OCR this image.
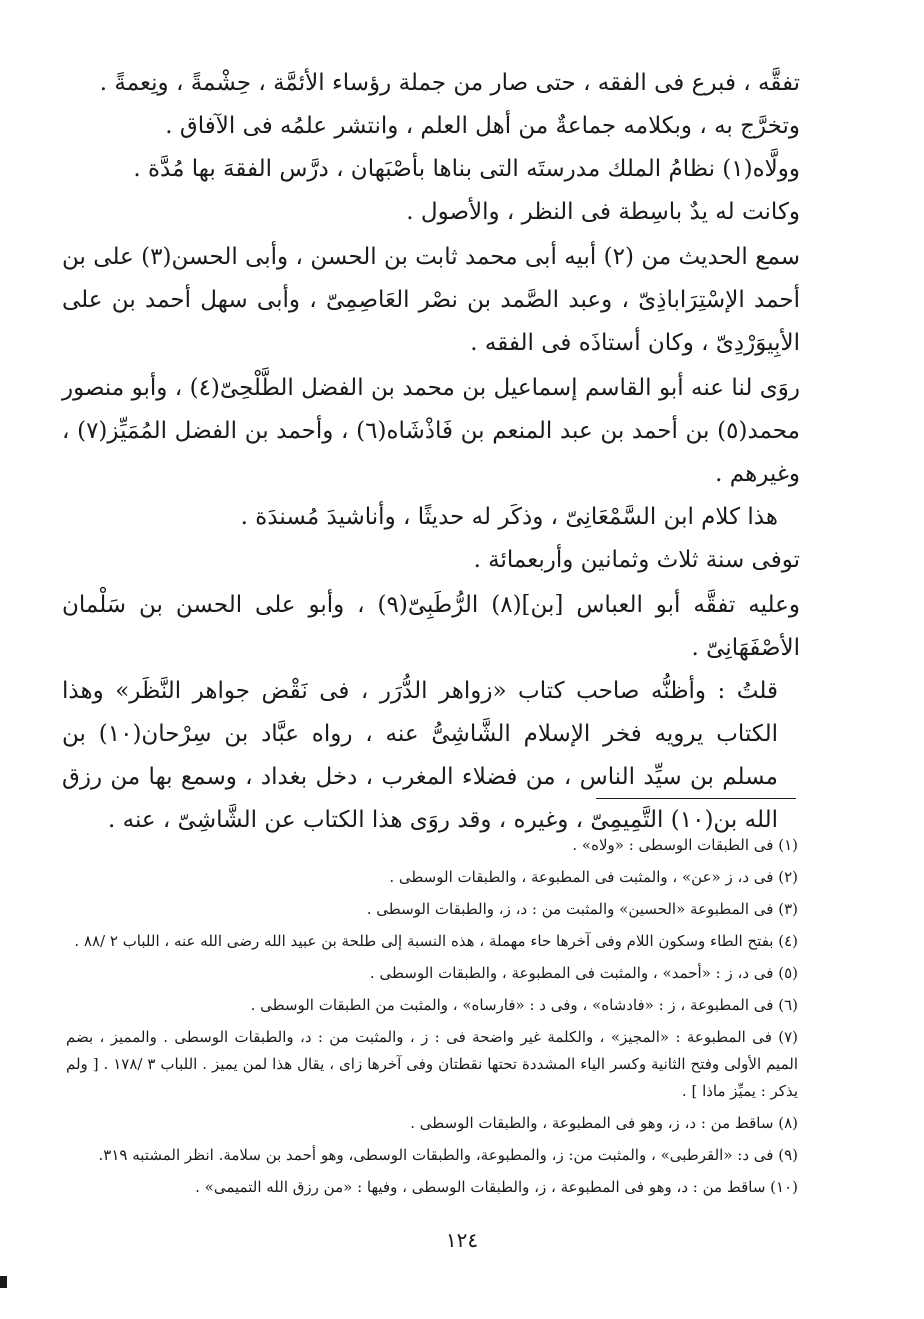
تفقَّه ، فبرع فى الفقه ، حتى صار من جملة رؤساء الأئمَّة ، حِشْمةً ، ونِعمةً .

وتخرَّج به ، وبكلامه جماعةٌ من أهل العلم ، وانتشر علمُه فى الآفاق .

وولَّاه(١) نظامُ الملك مدرستَه التى بناها بأصْبَهان ، درَّس الفقهَ بها مُدَّة .

وكانت له يدٌ باسِطة فى النظر ، والأصول .

سمع الحديث من (٢) أبيه أبى محمد ثابت بن الحسن ، وأبى الحسن(٣) على بن أحمد الإسْتِرَاباذِىّ ، وعبد الصَّمد بن نصْر العَاصِمِىّ ، وأبى سهل أحمد بن على الأبِيوَرْدِىّ ، وكان أستاذَه فى الفقه .

روَى لنا عنه أبو القاسم إسماعيل بن محمد بن الفضل الطَّلْحِىّ(٤) ، وأبو منصور محمد(٥) بن أحمد بن عبد المنعم بن فَاذْشَاه(٦) ، وأحمد بن الفضل المُمَيِّز(٧) ، وغيرهم .

هذا كلام ابن السَّمْعَانِىّ ، وذكَر له حديثًا ، وأناشيدَ مُسندَة .

توفى سنة ثلاث وثمانين وأربعمائة .

وعليه تفقَّه أبو العباس [بن](٨) الرُّطَبِىّ(٩) ، وأبو على الحسن بن سَلْمان الأصْفَهَانِىّ .

قلتُ : وأظنُّه صاحب كتاب «زواهر الدُّرَر ، فى نَقْض جواهر النَّظَر» وهذا الكتاب يرويه فخر الإسلام الشَّاشِىُّ عنه ، رواه عبَّاد بن سِرْحان(١٠) بن مسلم بن سيِّد الناس ، من فضلاء المغرب ، دخل بغداد ، وسمع بها من رزق الله بن(١٠) التَّمِيمِىّ ، وغيره ، وقد روَى هذا الكتاب عن الشَّاشِىّ ، عنه .

(١) فى الطبقات الوسطى : «ولاه» .

(٢) فى د، ز «عن» ، والمثبت فى المطبوعة ، والطبقات الوسطى .

(٣) فى المطبوعة «الحسين» والمثبت من : د، ز، والطبقات الوسطى .

(٤) بفتح الطاء وسكون اللام وفى آخرها حاء مهملة ، هذه النسبة إلى طلحة بن عبيد الله رضى الله عنه ، اللباب ٢ /٨٨ .

(٥) فى د، ز : «أحمد» ، والمثبت فى المطبوعة ، والطبقات الوسطى .

(٦) فى المطبوعة ، ز : «فادشاه» ، وفى د : «فارساه» ، والمثبت من الطبقات الوسطى .

(٧) فى المطبوعة : «المجيز» ، والكلمة غير واضحة فى : ز ، والمثبت من : د، والطبقات الوسطى . والمميز ، بضم الميم الأولى وفتح الثانية وكسر الياء المشددة تحتها نقطتان وفى آخرها زاى ، يقال هذا لمن يميز . اللباب ٣ /١٧٨ . [ ولم يذكر : يميِّز ماذا ] .

(٨) ساقط من : د، ز، وهو فى المطبوعة ، والطبقات الوسطى .

(٩) فى د: «القرطبى» ، والمثبت من: ز، والمطبوعة، والطبقات الوسطى، وهو أحمد بن سلامة. انظر المشتبه ٣١٩.

(١٠) ساقط من : د، وهو فى المطبوعة ، ز، والطبقات الوسطى ، وفيها : «من رزق الله التميمى» .

١٢٤
